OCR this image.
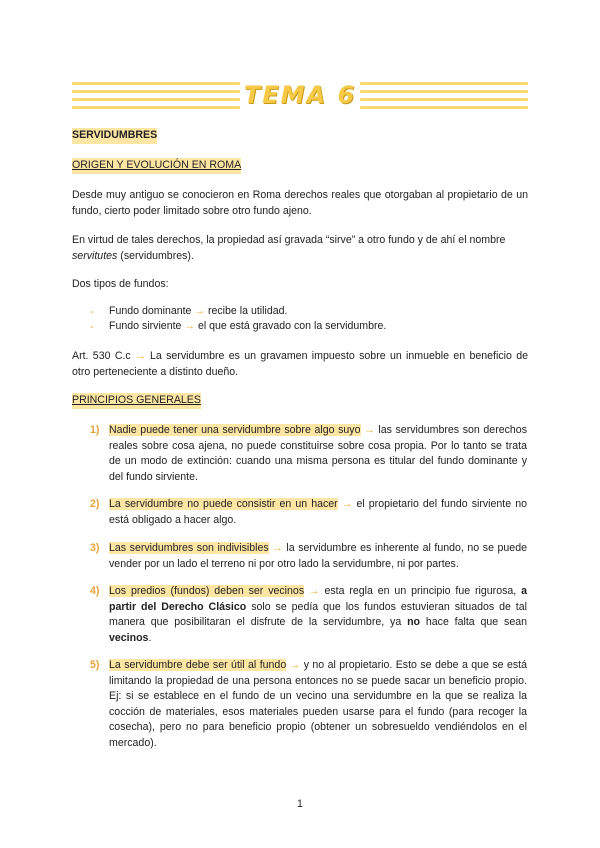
TEMA 6

SERVIDUMBRES

ORIGEN Y EVOLUCIÓN EN ROMA

Desde muy antiguo se conocieron en Roma derechos reales que otorgaban al propietario de un fundo, cierto poder limitado sobre otro fundo ajeno.

En virtud de tales derechos, la propiedad así gravada “sirve” a otro fundo y de ahí el nombre
servitutes (servidumbres).

Dos tipos de fundos:

- Fundo dominante → recibe la utilidad.
- Fundo sirviente → el que está gravado con la servidumbre.

Art. 530 C.c → La servidumbre es un gravamen impuesto sobre un inmueble en beneficio de otro perteneciente a distinto dueño.

PRINCIPIOS GENERALES

1) Nadie puede tener una servidumbre sobre algo suyo → las servidumbres son derechos reales sobre cosa ajena, no puede constituirse sobre cosa propia. Por lo tanto se trata de un modo de extinción: cuando una misma persona es titular del fundo dominante y del fundo sirviente.
2) La servidumbre no puede consistir en un hacer → el propietario del fundo sirviente no está obligado a hacer algo.
3) Las servidumbres son indivisibles → la servidumbre es inherente al fundo, no se puede vender por un lado el terreno ni por otro lado la servidumbre, ni por partes.
4) Los predios (fundos) deben ser vecinos → esta regla en un principio fue rigurosa, a partir del Derecho Clásico solo se pedía que los fundos estuvieran situados de tal manera que posibilitaran el disfrute de la servidumbre, ya no hace falta que sean vecinos.
5) La servidumbre debe ser útil al fundo → y no al propietario. Esto se debe a que se está limitando la propiedad de una persona entonces no se puede sacar un beneficio propio. Ej: si se establece en el fundo de un vecino una servidumbre en la que se realiza la cocción de materiales, esos materiales pueden usarse para el fundo (para recoger la cosecha), pero no para beneficio propio (obtener un sobresueldo vendiéndolos en el mercado).
1
